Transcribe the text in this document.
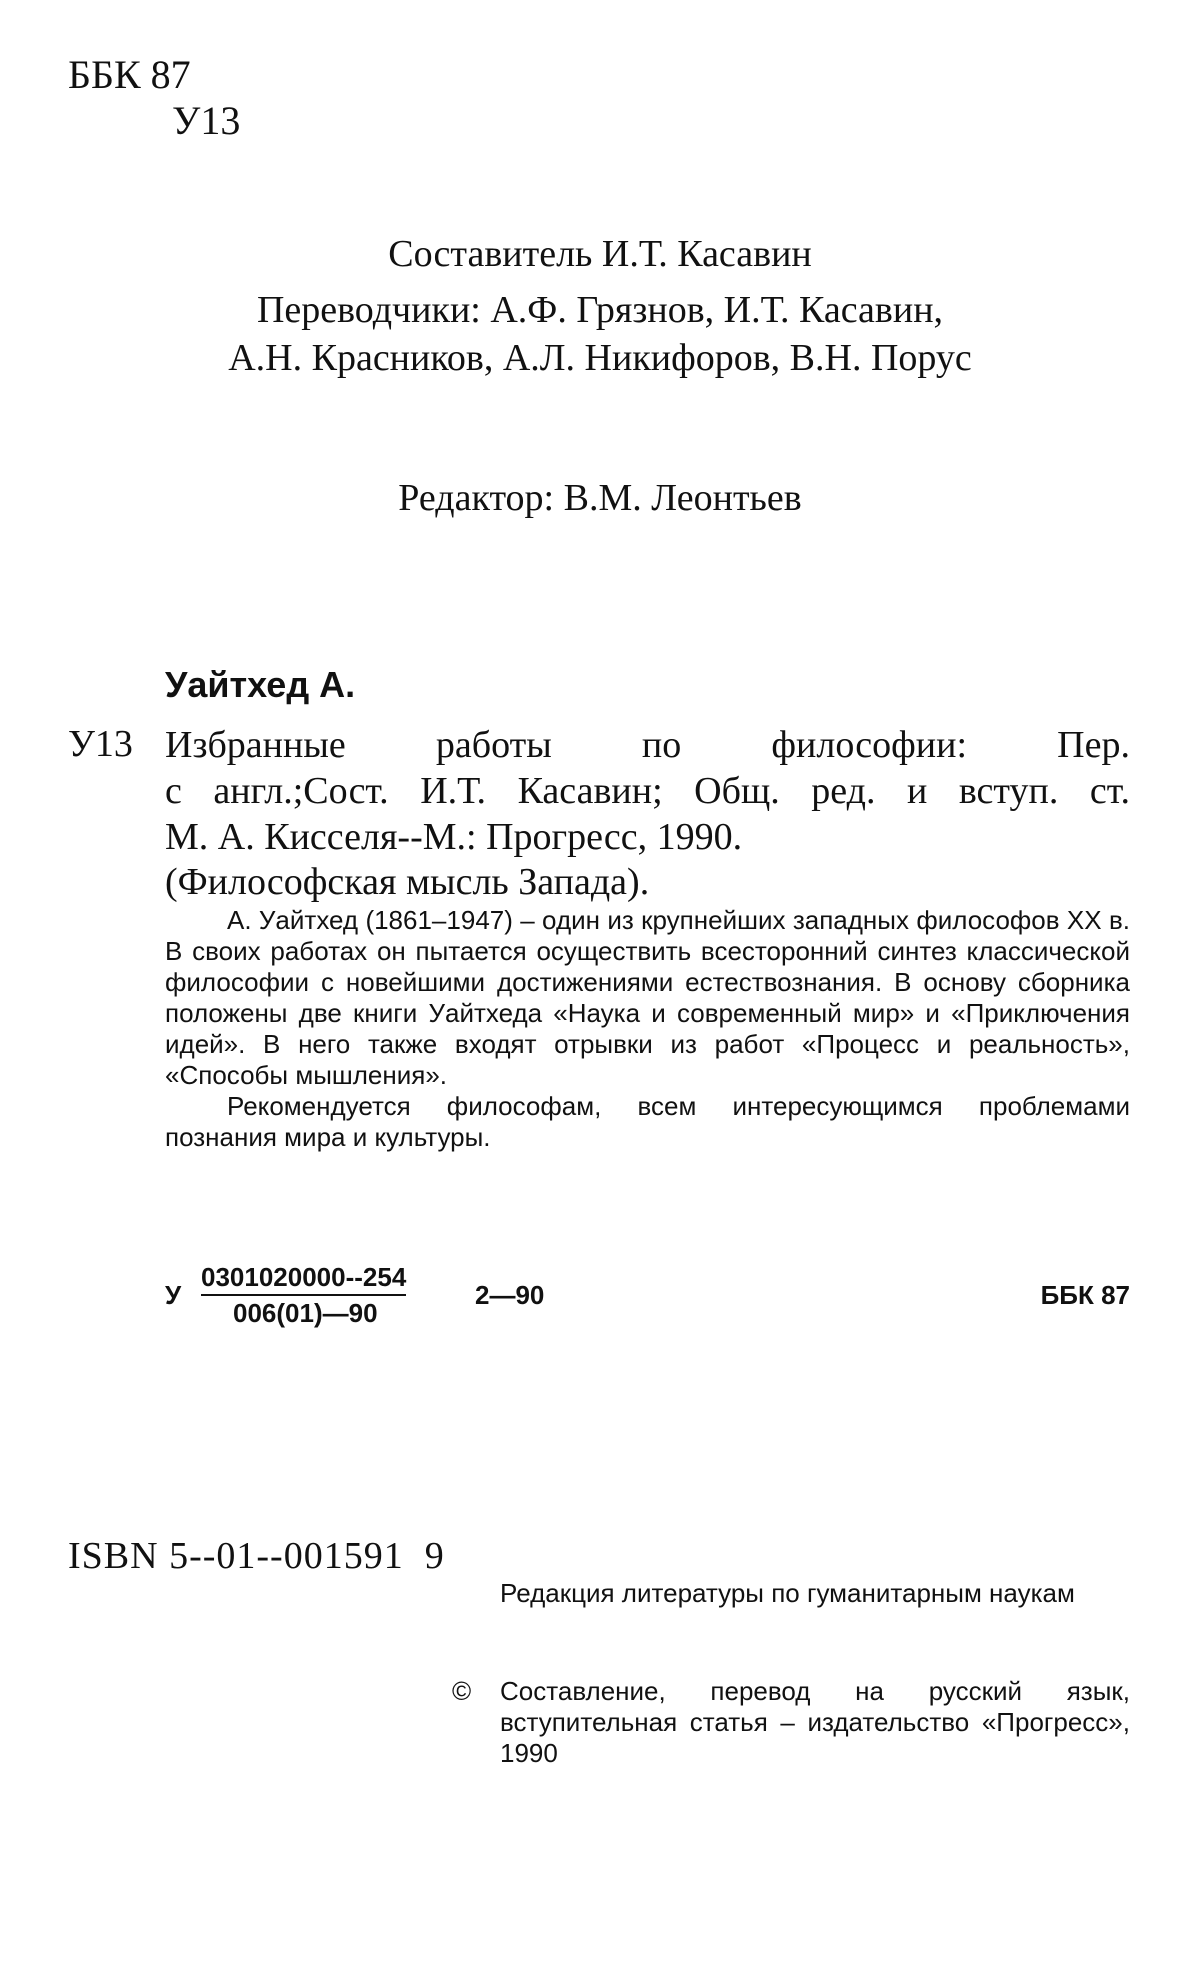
ББК 87
У13
Составитель И.Т. Касавин
Переводчики: А.Ф. Грязнов, И.Т. Касавин,
А.Н. Красников, А.Л. Никифоров, В.Н. Порус
Редактор: В.М. Леонтьев
Уайтхед А.
У13 Избранные работы по философии: Пер.
с англ.;Сост. И.Т. Касавин; Общ. ред. и вступ. ст.
М. А. Кисселя--М.: Прогресс, 1990.
(Философская мысль Запада).

А. Уайтхед (1861–1947) – один из крупнейших западных философов XX в. В своих работах он пытается осуществить всесторонний синтез классической философии с новейшими достижениями естествознания. В основу сборника положены две книги Уайтхеда «Наука и современный мир» и «Приключения идей». В него также входят отрывки из работ «Процесс и реальность», «Способы мышления».

Рекомендуется философам, всем интересующимся проблемами познания мира и культуры.

У
0301020000--254
006(01)—90
2—90	ББК 87
ISBN 5--01--001591  9
Редакция литературы по гуманитарным наукам
©	Составление, перевод на русский язык, вступительная статья – издательство «Прогресс», 1990
